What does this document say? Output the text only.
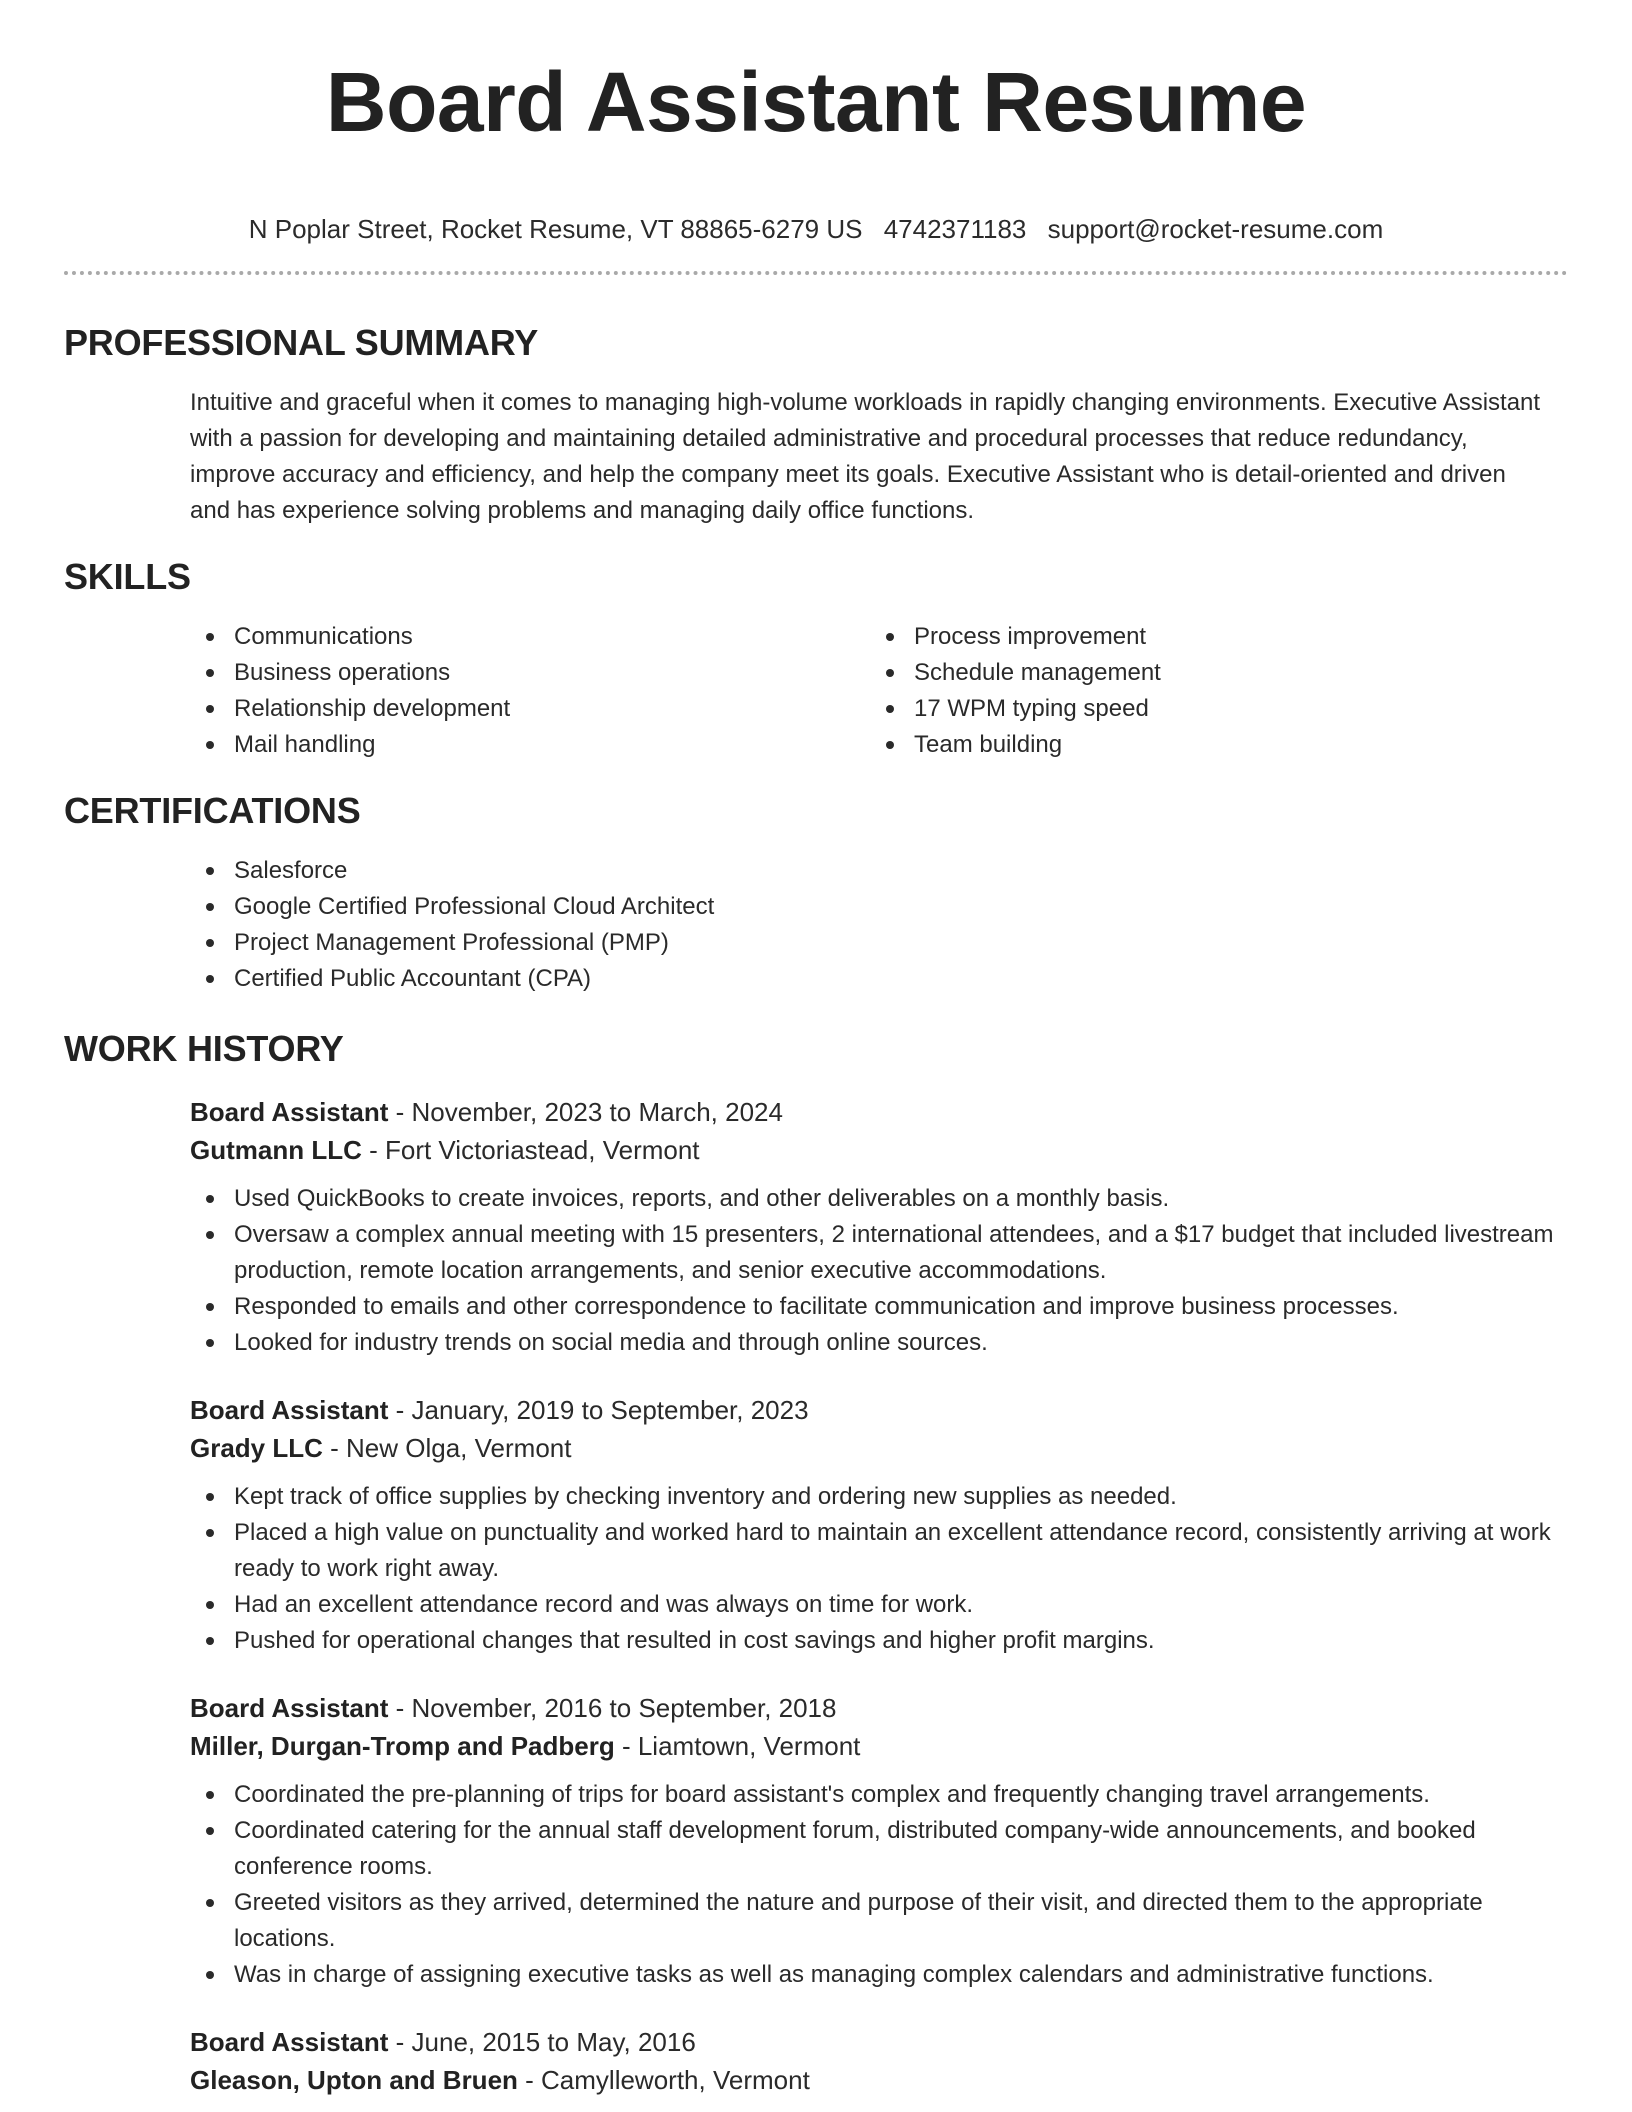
Board Assistant Resume
N Poplar Street, Rocket Resume, VT 88865-6279 US 4742371183 support@rocket-resume.com
PROFESSIONAL SUMMARY

Intuitive and graceful when it comes to managing high-volume workloads in rapidly changing environments. Executive Assistant with a passion for developing and maintaining detailed administrative and procedural processes that reduce redundancy, improve accuracy and efficiency, and help the company meet its goals. Executive Assistant who is detail-oriented and driven and has experience solving problems and managing daily office functions.

SKILLS
Communications
Business operations
Relationship development
Mail handling
Process improvement
Schedule management
17 WPM typing speed
Team building
CERTIFICATIONS
Salesforce
Google Certified Professional Cloud Architect
Project Management Professional (PMP)
Certified Public Accountant (CPA)
WORK HISTORY
Board Assistant - November, 2023 to March, 2024
Gutmann LLC - Fort Victoriastead, Vermont
Used QuickBooks to create invoices, reports, and other deliverables on a monthly basis.
Oversaw a complex annual meeting with 15 presenters, 2 international attendees, and a $17 budget that included livestream production, remote location arrangements, and senior executive accommodations.
Responded to emails and other correspondence to facilitate communication and improve business processes.
Looked for industry trends on social media and through online sources.
Board Assistant - January, 2019 to September, 2023
Grady LLC - New Olga, Vermont
Kept track of office supplies by checking inventory and ordering new supplies as needed.
Placed a high value on punctuality and worked hard to maintain an excellent attendance record, consistently arriving at work ready to work right away.
Had an excellent attendance record and was always on time for work.
Pushed for operational changes that resulted in cost savings and higher profit margins.
Board Assistant - November, 2016 to September, 2018
Miller, Durgan-Tromp and Padberg - Liamtown, Vermont
Coordinated the pre-planning of trips for board assistant's complex and frequently changing travel arrangements.
Coordinated catering for the annual staff development forum, distributed company-wide announcements, and booked conference rooms.
Greeted visitors as they arrived, determined the nature and purpose of their visit, and directed them to the appropriate locations.
Was in charge of assigning executive tasks as well as managing complex calendars and administrative functions.
Board Assistant - June, 2015 to May, 2016
Gleason, Upton and Bruen - Camylleworth, Vermont
